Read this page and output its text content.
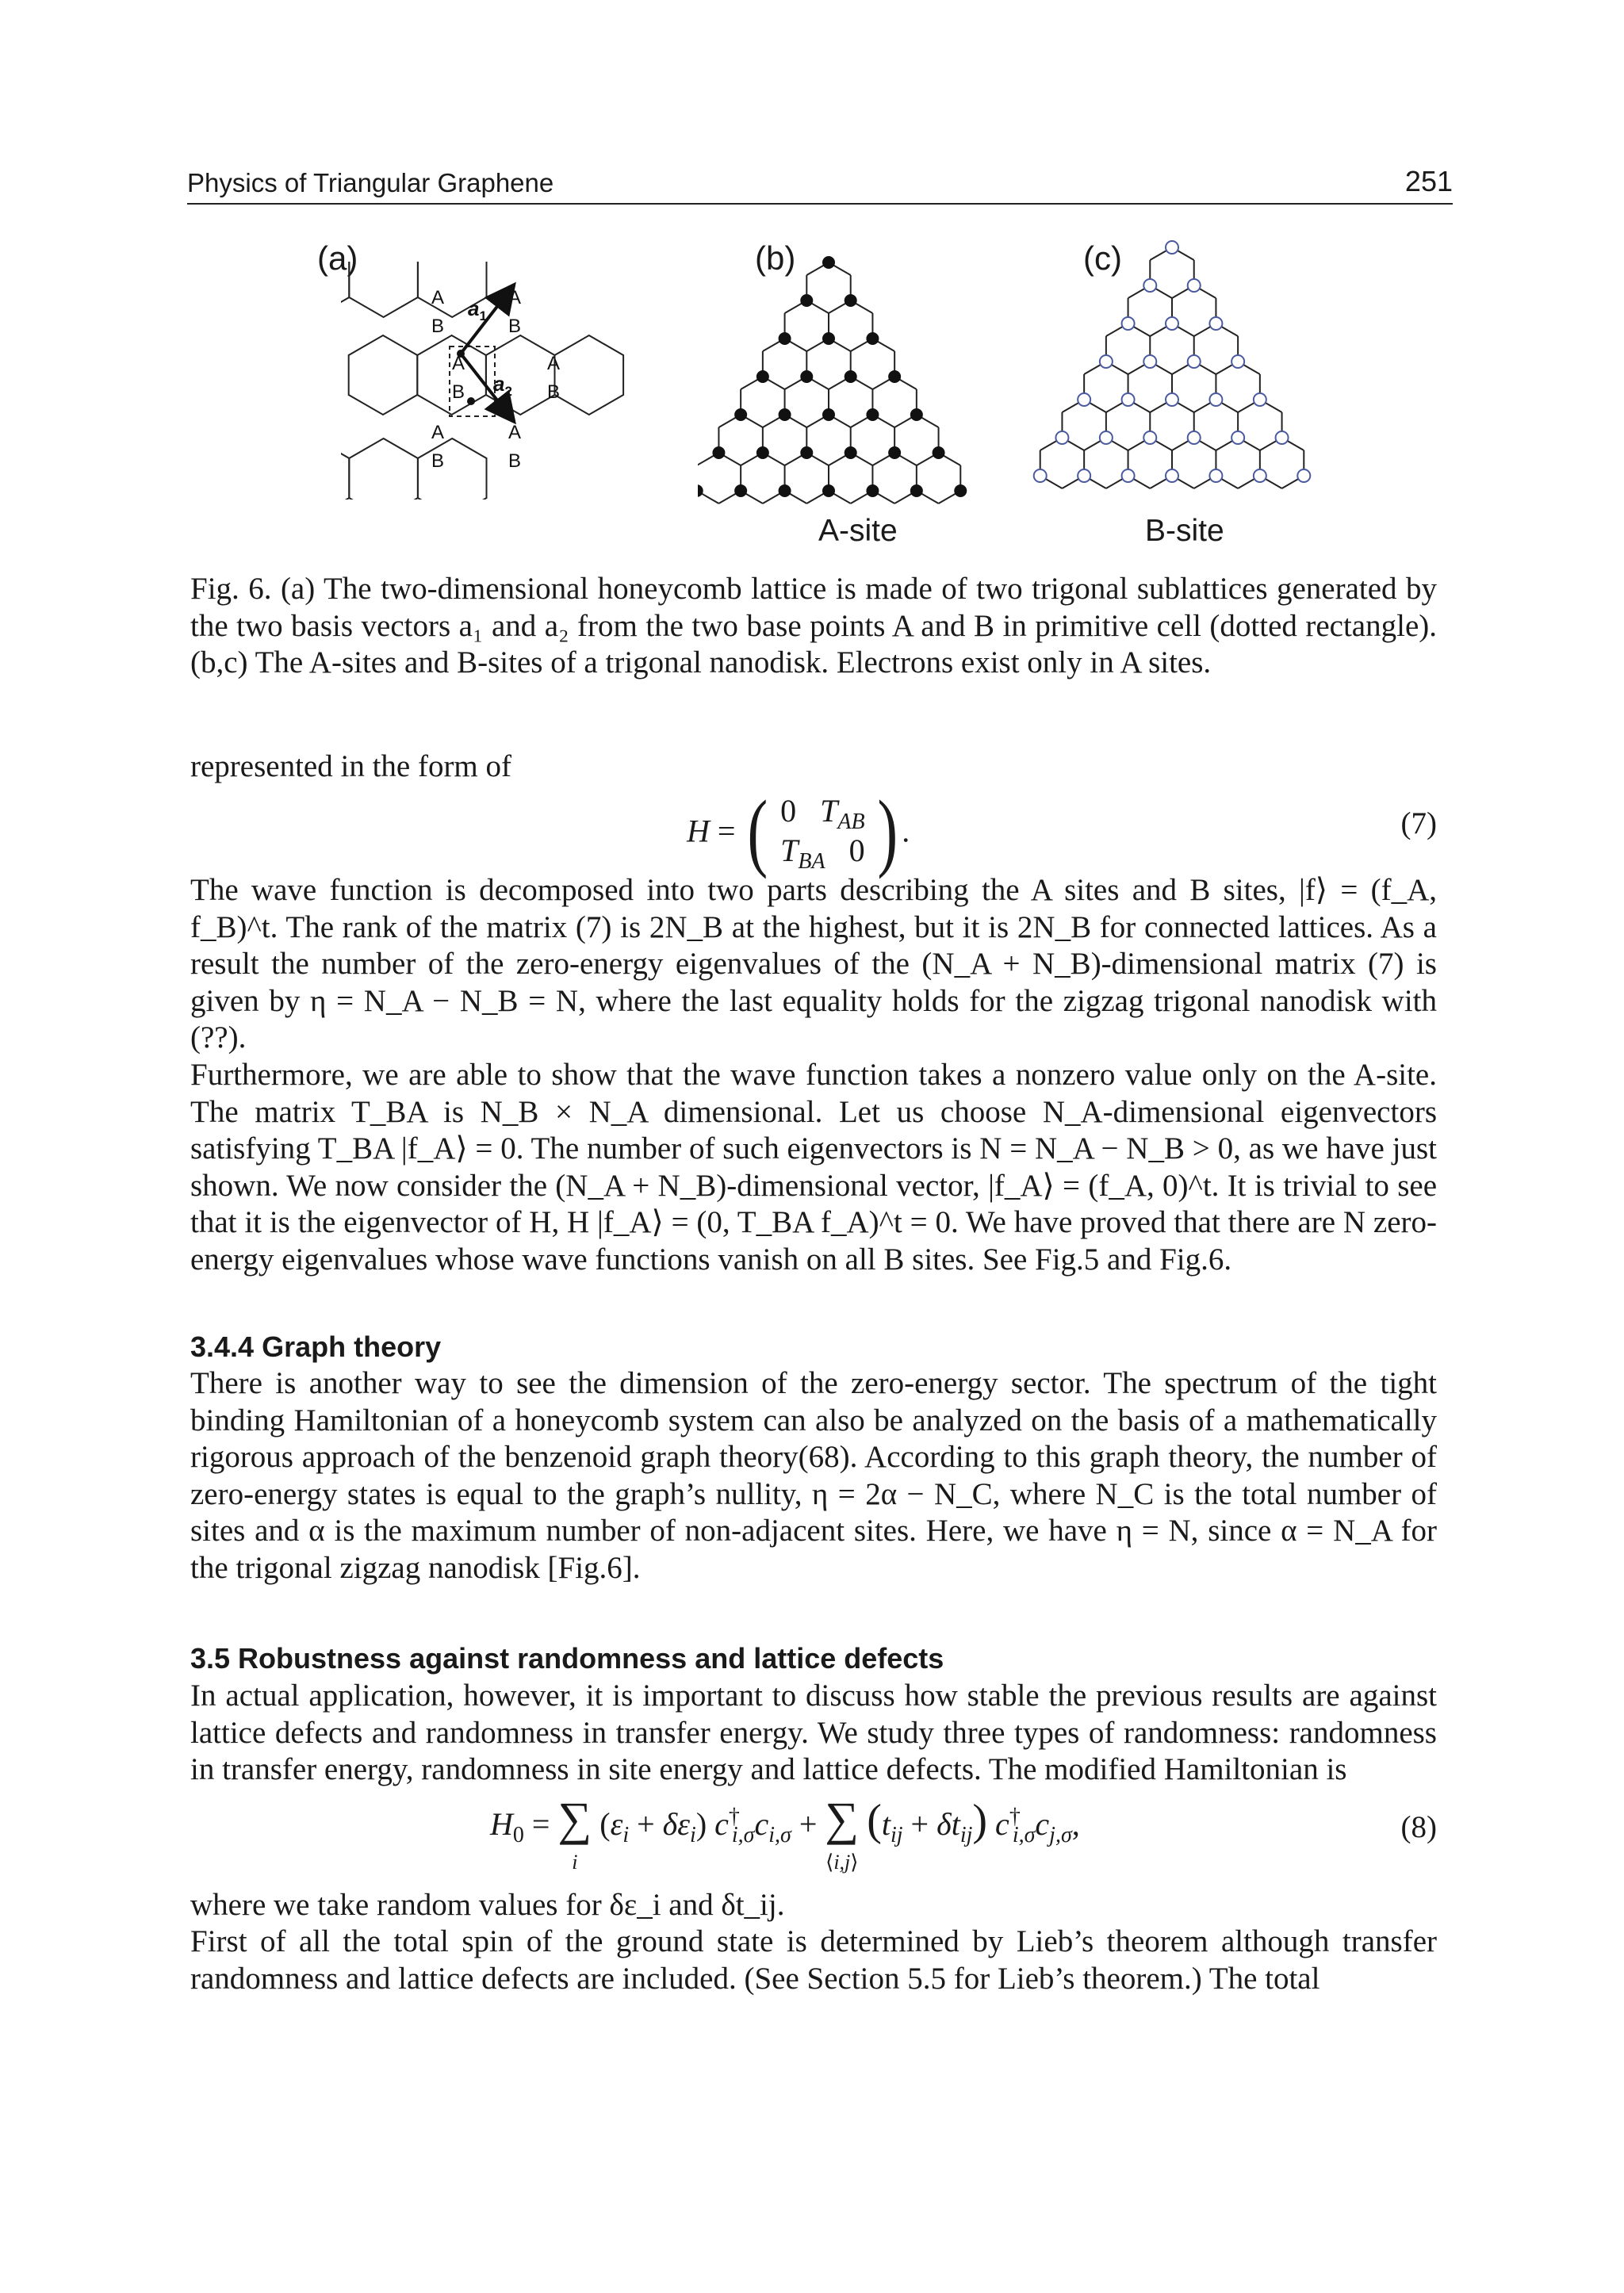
Physics of Triangular Graphene	251
(a)	(b)	(c)
A
B
A
B
A
B
A
B
A
B
A
B
$a_1$
$a_2$
A-site	B-site

Fig. 6. (a) The two-dimensional honeycomb lattice is made of two trigonal sublattices generated by the two basis vectors a₁ and a₂ from the two base points A and B in primitive cell (dotted rectangle). (b,c) The A-sites and B-sites of a trigonal nanodisk. Electrons exist only in A sites.

represented in the form of

H = ( 0   $T_{AB}$
$T_{BA}$   0 ) .	(7)

The wave function is decomposed into two parts describing the A sites and B sites, |f⟩ = (f_A, f_B)^t. The rank of the matrix (7) is 2N_B at the highest, but it is 2N_B for connected lattices. As a result the number of the zero-energy eigenvalues of the (N_A + N_B)-dimensional matrix (7) is given by η = N_A − N_B = N, where the last equality holds for the zigzag trigonal nanodisk with (??).

Furthermore, we are able to show that the wave function takes a nonzero value only on the A-site. The matrix T_BA is N_B × N_A dimensional. Let us choose N_A-dimensional eigenvectors satisfying T_BA |f_A⟩ = 0. The number of such eigenvectors is N = N_A − N_B > 0, as we have just shown. We now consider the (N_A + N_B)-dimensional vector, |f_A⟩ = (f_A, 0)^t. It is trivial to see that it is the eigenvector of H, H |f_A⟩ = (0, T_BA f_A)^t = 0. We have proved that there are N zero-energy eigenvalues whose wave functions vanish on all B sites. See Fig.5 and Fig.6.

3.4.4 Graph theory

There is another way to see the dimension of the zero-energy sector. The spectrum of the tight binding Hamiltonian of a honeycomb system can also be analyzed on the basis of a mathematically rigorous approach of the benzenoid graph theory(68). According to this graph theory, the number of zero-energy states is equal to the graph’s nullity, η = 2α − N_C, where N_C is the total number of sites and α is the maximum number of non-adjacent sites. Here, we have η = N, since α = N_A for the trigonal zigzag nanodisk [Fig.6].

3.5 Robustness against randomness and lattice defects

In actual application, however, it is important to discuss how stable the previous results are against lattice defects and randomness in transfer energy. We study three types of randomness: randomness in transfer energy, randomness in site energy and lattice defects. The modified Hamiltonian is

$H_0$ = ∑
i $(\varepsilon_i + \delta\varepsilon_i) c^\dagger_{i,\sigma}c_{i,\sigma}$ + ∑
⟨i,j⟩ $(t_{ij} + \delta t_{ij})$ $c^\dagger_{i,\sigma}c_{j,\sigma}$,	(8)

where we take random values for δε_i and δt_ij.

First of all the total spin of the ground state is determined by Lieb’s theorem although transfer randomness and lattice defects are included. (See Section 5.5 for Lieb’s theorem.) The total
